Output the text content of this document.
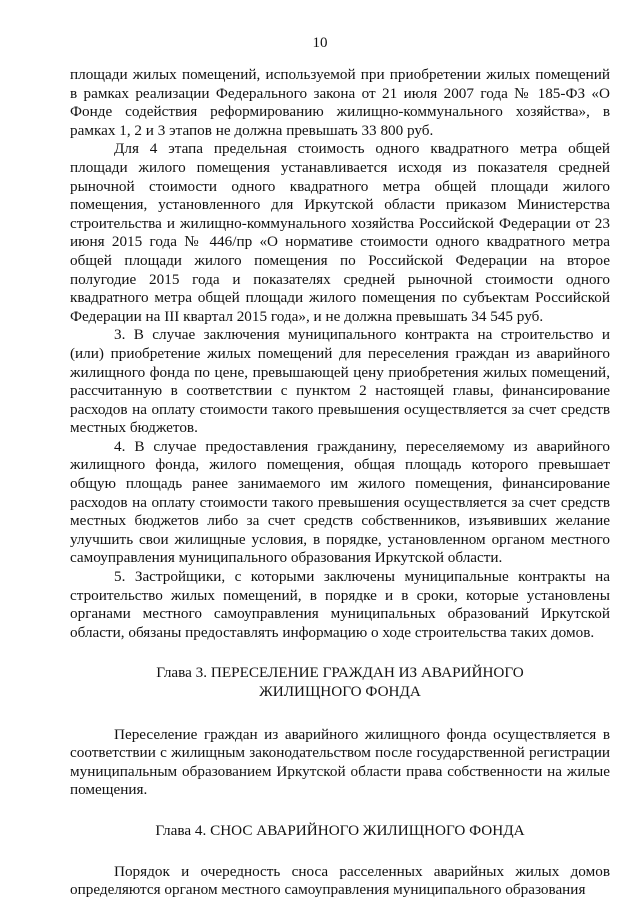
10

площади жилых помещений, используемой при приобретении жилых помещений в рамках реализации Федерального закона от 21 июля 2007 года № 185-ФЗ «О Фонде содействия реформированию жилищно-коммунального хозяйства», в рамках 1, 2 и 3 этапов не должна превышать 33 800 руб.

Для 4 этапа предельная стоимость одного квадратного метра общей площади жилого помещения устанавливается исходя из показателя средней рыночной стоимости одного квадратного метра общей площади жилого помещения, установленного для Иркутской области приказом Министерства строительства и жилищно-коммунального хозяйства Российской Федерации от 23 июня 2015 года № 446/пр «О нормативе стоимости одного квадратного метра общей площади жилого помещения по Российской Федерации на второе полугодие 2015 года и показателях средней рыночной стоимости одного квадратного метра общей площади жилого помещения по субъектам Российской Федерации на III квартал 2015 года», и не должна превышать 34 545 руб.

3. В случае заключения муниципального контракта на строительство и (или) приобретение жилых помещений для переселения граждан из аварийного жилищного фонда по цене, превышающей цену приобретения жилых помещений, рассчитанную в соответствии с пунктом 2 настоящей главы, финансирование расходов на оплату стоимости такого превышения осуществляется за счет средств местных бюджетов.

4. В случае предоставления гражданину, переселяемому из аварийного жилищного фонда, жилого помещения, общая площадь которого превышает общую площадь ранее занимаемого им жилого помещения, финансирование расходов на оплату стоимости такого превышения осуществляется за счет средств местных бюджетов либо за счет средств собственников, изъявивших желание улучшить свои жилищные условия, в порядке, установленном органом местного самоуправления муниципального образования Иркутской области.

5. Застройщики, с которыми заключены муниципальные контракты на строительство жилых помещений, в порядке и в сроки, которые установлены органами местного самоуправления муниципальных образований Иркутской области, обязаны предоставлять информацию о ходе строительства таких домов.

Глава 3. ПЕРЕСЕЛЕНИЕ ГРАЖДАН ИЗ АВАРИЙНОГО
ЖИЛИЩНОГО ФОНДА

Переселение граждан из аварийного жилищного фонда осуществляется в соответствии с жилищным законодательством после государственной регистрации муниципальным образованием Иркутской области права собственности на жилые помещения.

Глава 4. СНОС АВАРИЙНОГО ЖИЛИЩНОГО ФОНДА

Порядок и очередность сноса расселенных аварийных жилых домов определяются органом местного самоуправления муниципального образования
